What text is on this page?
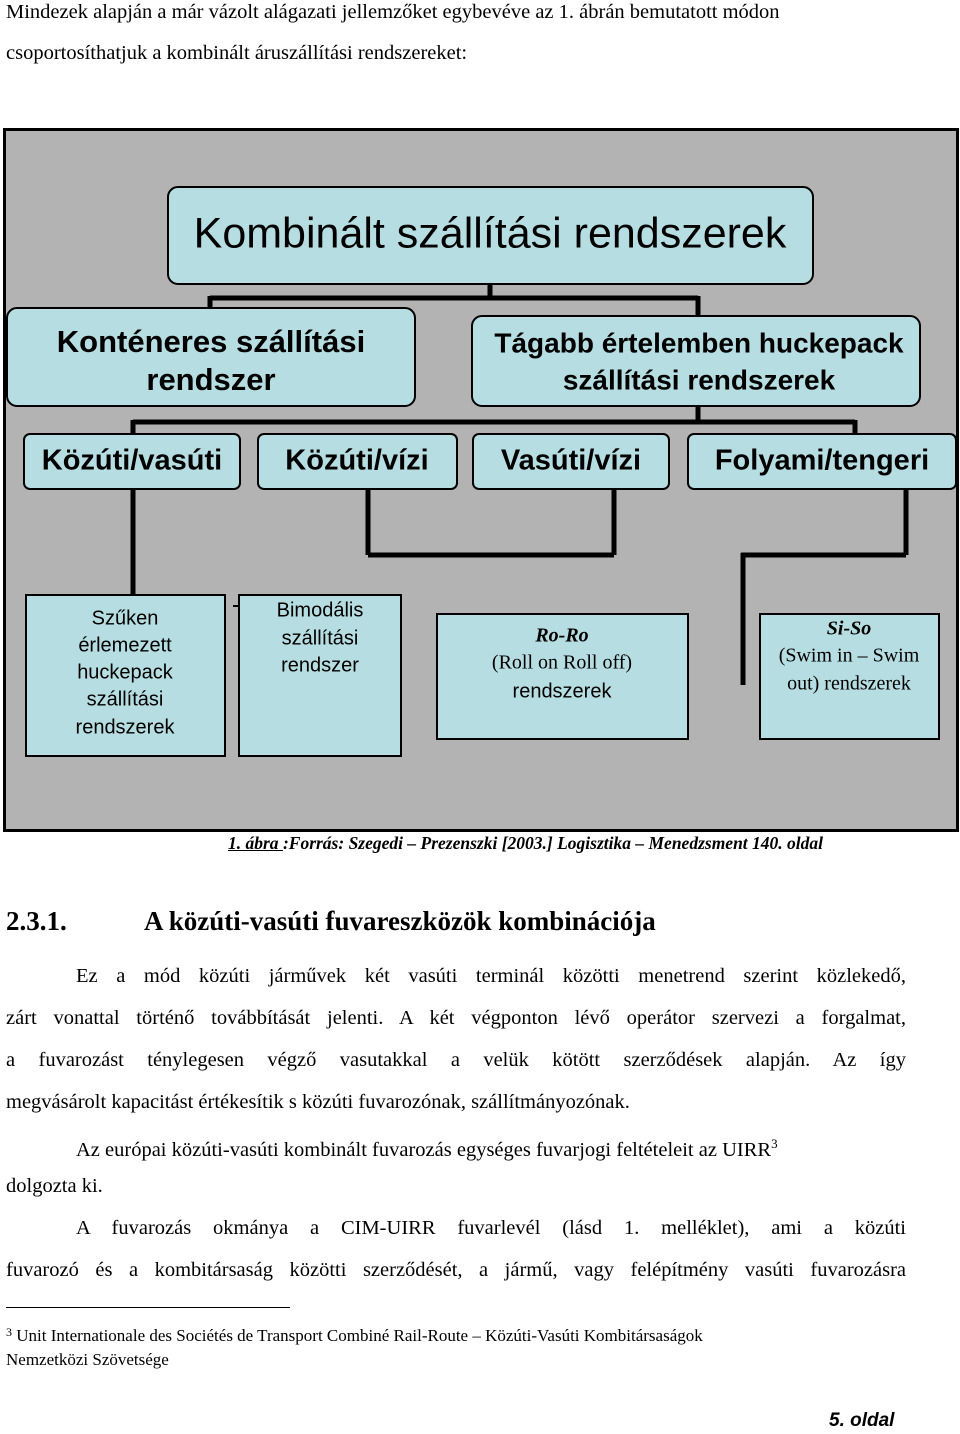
Mindezek alapján a már vázolt alágazati jellemzőket egybevéve az 1. ábrán bemutatott módon
csoportosíthatjuk a kombinált áruszállítási rendszereket:
Kombinált szállítási rendszerek
Konténeres szállítási
rendszer
Tágabb értelemben huckepack
szállítási rendszerek
Közúti/vasúti Közúti/vízi Vasúti/vízi	Folyami/tengeri
Szűken
érlemezett
huckepack
szállítási
rendszerek
Bimodális
szállítási
rendszer
Ro-Ro
(Roll on Roll off)
rendszerek
Si-So
(Swim in – Swim
out) rendszerek
1. ábra :Forrás: Szegedi – Prezenszki [2003.] Logisztika – Menedzsment 140. oldal
2.3.1.	A közúti-vasúti fuvareszközök kombinációja
Ez a mód közúti járművek két vasúti terminál közötti menetrend szerint közlekedő,
zárt vonattal történő továbbítását jelenti. A két végponton lévő operátor szervezi a forgalmat,
a fuvarozást ténylegesen végző vasutakkal a velük kötött szerződések alapján. Az így
megvásárolt kapacitást értékesítik s közúti fuvarozónak, szállítmányozónak.
Az európai közúti-vasúti kombinált fuvarozás egységes fuvarjogi feltételeit az UIRR$^3$
dolgozta ki.
A fuvarozás okmánya a CIM-UIRR fuvarlevél (lásd 1. melléklet), ami a közúti
fuvarozó és a kombitársaság közötti szerződését, a jármű, vagy felépítmény vasúti fuvarozásra
$^3$ Unit Internationale des Sociétés de Transport Combiné Rail-Route – Közúti-Vasúti Kombitársaságok
Nemzetközi Szövetsége
5. oldal
